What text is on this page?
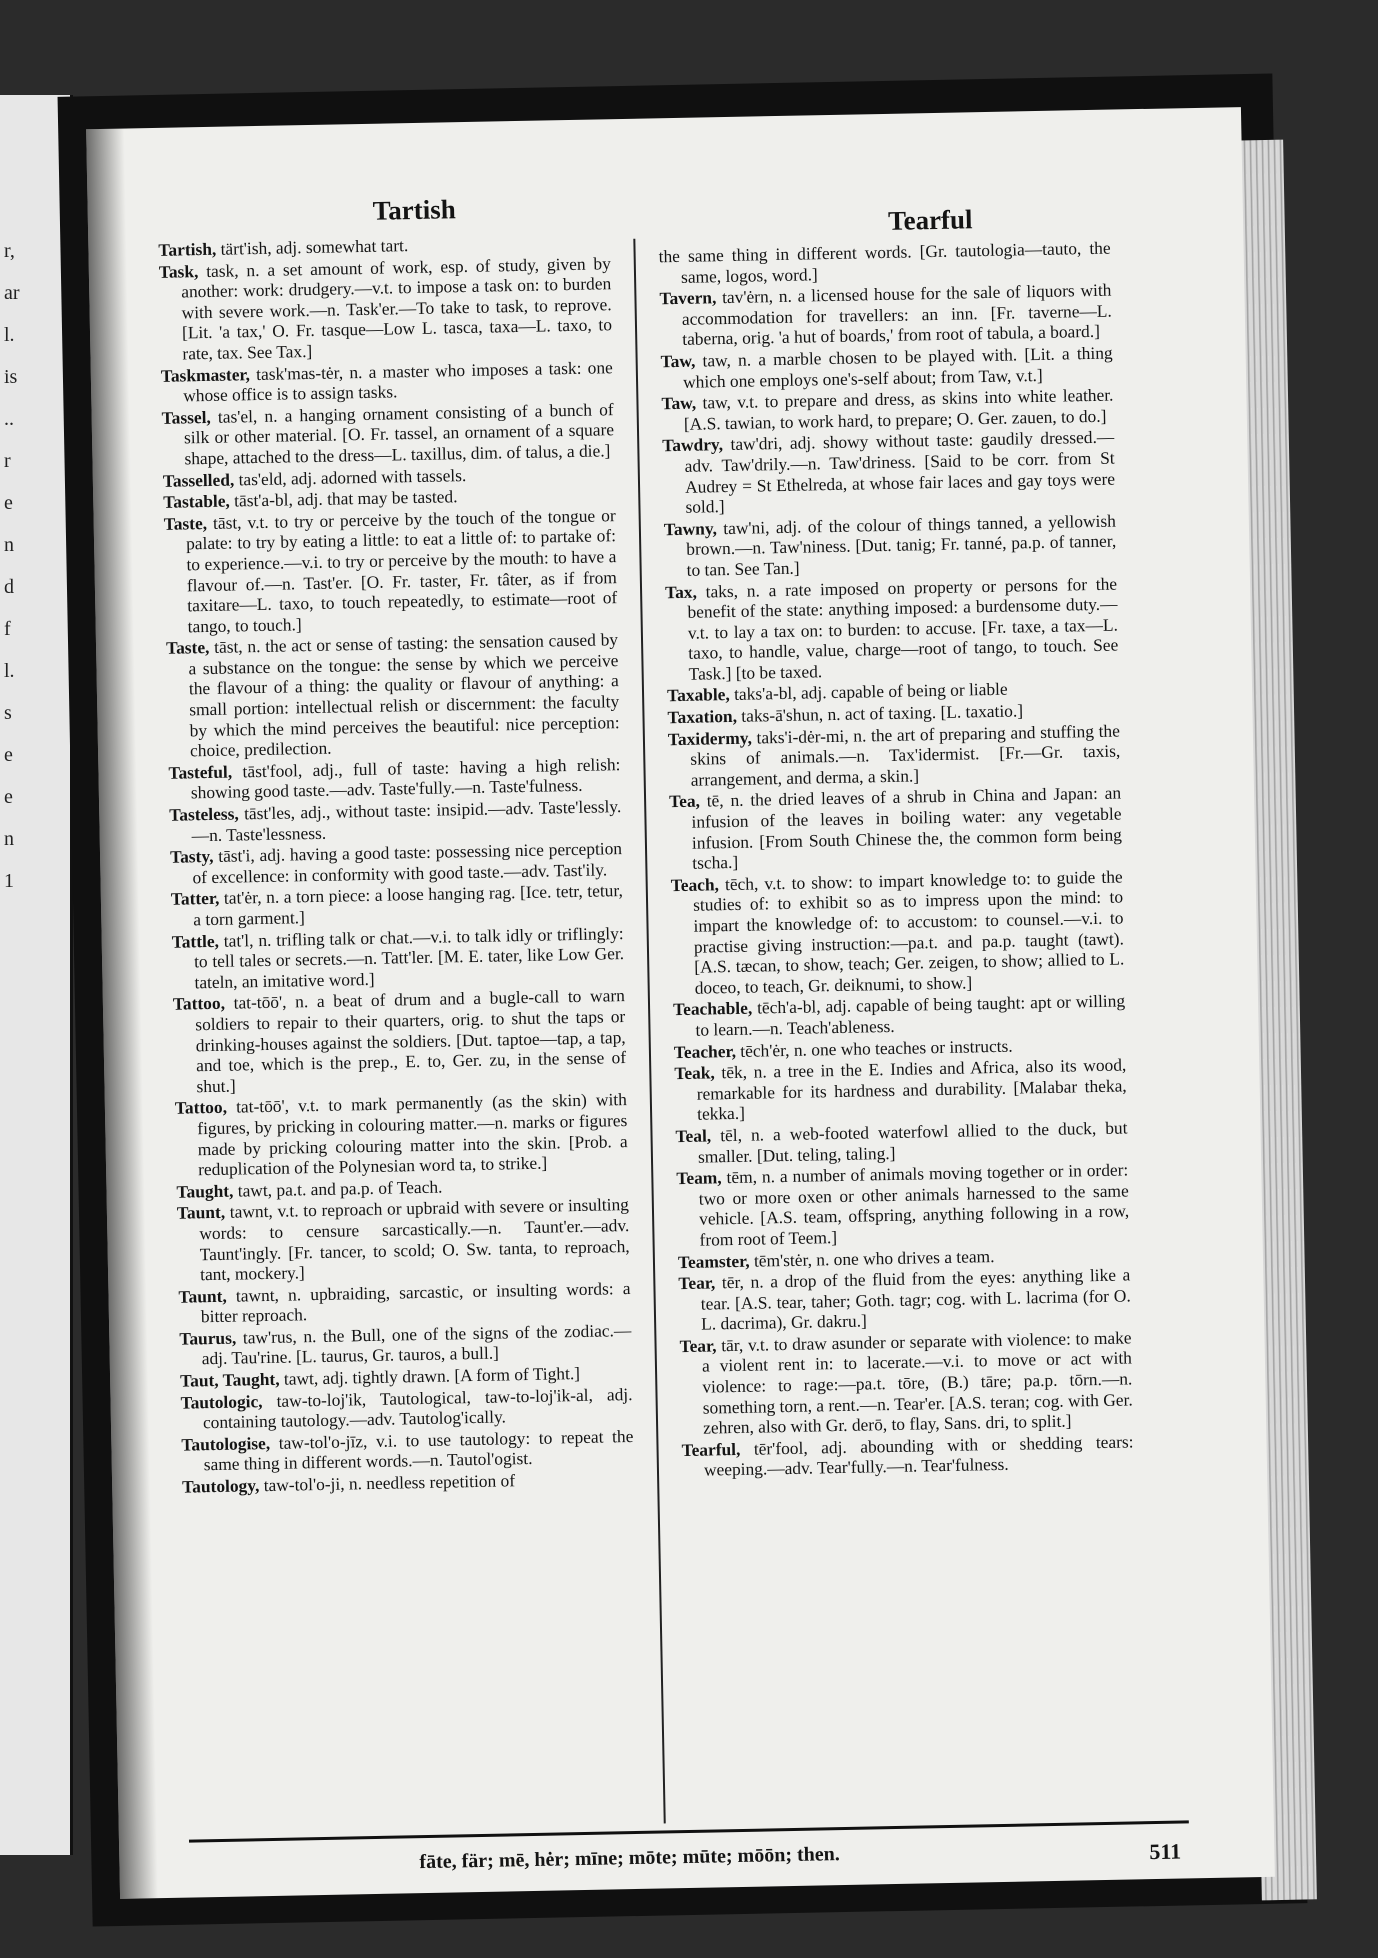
r,
ar
l.
is
..
r
e
n
d
f
l.
s
e
e
n
1
Tartish	Tearful
Tartish, tärt'ish, adj. somewhat tart.
Task, task, n. a set amount of work, esp. of study, given by another: work: drudgery.—v.t. to impose a task on: to burden with severe work.—n. Task'er.—To take to task, to reprove. [Lit. 'a tax,' O. Fr. tasque—Low L. tasca, taxa—L. taxo, to rate, tax. See Tax.]
Taskmaster, task'mas-tėr, n. a master who imposes a task: one whose office is to assign tasks.
Tassel, tas'el, n. a hanging ornament consisting of a bunch of silk or other material. [O. Fr. tassel, an ornament of a square shape, attached to the dress—L. taxillus, dim. of talus, a die.]
Tasselled, tas'eld, adj. adorned with tassels.
Tastable, tāst'a-bl, adj. that may be tasted.
Taste, tāst, v.t. to try or perceive by the touch of the tongue or palate: to try by eating a little: to eat a little of: to partake of: to experience.—v.i. to try or perceive by the mouth: to have a flavour of.—n. Tast'er. [O. Fr. taster, Fr. tâter, as if from taxitare—L. taxo, to touch repeatedly, to estimate—root of tango, to touch.]
Taste, tāst, n. the act or sense of tasting: the sensation caused by a substance on the tongue: the sense by which we perceive the flavour of a thing: the quality or flavour of anything: a small portion: intellectual relish or discernment: the faculty by which the mind perceives the beautiful: nice perception: choice, predilection.
Tasteful, tāst'fool, adj., full of taste: having a high relish: showing good taste.—adv. Taste'fully.—n. Taste'fulness.
Tasteless, tāst'les, adj., without taste: insipid.—adv. Taste'lessly.—n. Taste'lessness.
Tasty, tāst'i, adj. having a good taste: possessing nice perception of excellence: in conformity with good taste.—adv. Tast'ily.
Tatter, tat'ėr, n. a torn piece: a loose hanging rag. [Ice. tetr, tetur, a torn garment.]
Tattle, tat'l, n. trifling talk or chat.—v.i. to talk idly or triflingly: to tell tales or secrets.—n. Tatt'ler. [M. E. tater, like Low Ger. tateln, an imitative word.]
Tattoo, tat-tōō', n. a beat of drum and a bugle-call to warn soldiers to repair to their quarters, orig. to shut the taps or drinking-houses against the soldiers. [Dut. taptoe—tap, a tap, and toe, which is the prep., E. to, Ger. zu, in the sense of shut.]
Tattoo, tat-tōō', v.t. to mark permanently (as the skin) with figures, by pricking in colouring matter.—n. marks or figures made by pricking colouring matter into the skin. [Prob. a reduplication of the Polynesian word ta, to strike.]
Taught, tawt, pa.t. and pa.p. of Teach.
Taunt, tawnt, v.t. to reproach or upbraid with severe or insulting words: to censure sarcastically.—n. Taunt'er.—adv. Taunt'ingly. [Fr. tancer, to scold; O. Sw. tanta, to reproach, tant, mockery.]
Taunt, tawnt, n. upbraiding, sarcastic, or insulting words: a bitter reproach.
Taurus, taw'rus, n. the Bull, one of the signs of the zodiac.—adj. Tau'rine. [L. taurus, Gr. tauros, a bull.]
Taut, Taught, tawt, adj. tightly drawn. [A form of Tight.]
Tautologic, taw-to-loj'ik, Tautological, taw-to-loj'ik-al, adj. containing tautology.—adv. Tautolog'ically.
Tautologise, taw-tol'o-jīz, v.i. to use tautology: to repeat the same thing in different words.—n. Tautol'ogist.
Tautology, taw-tol'o-ji, n. needless repetition of
the same thing in different words. [Gr. tautologia—tauto, the same, logos, word.]
Tavern, tav'ėrn, n. a licensed house for the sale of liquors with accommodation for travellers: an inn. [Fr. taverne—L. taberna, orig. 'a hut of boards,' from root of tabula, a board.]
Taw, taw, n. a marble chosen to be played with. [Lit. a thing which one employs one's-self about; from Taw, v.t.]
Taw, taw, v.t. to prepare and dress, as skins into white leather. [A.S. tawian, to work hard, to prepare; O. Ger. zauen, to do.]
Tawdry, taw'dri, adj. showy without taste: gaudily dressed.—adv. Taw'drily.—n. Taw'driness. [Said to be corr. from St Audrey = St Ethelreda, at whose fair laces and gay toys were sold.]
Tawny, taw'ni, adj. of the colour of things tanned, a yellowish brown.—n. Taw'niness. [Dut. tanig; Fr. tanné, pa.p. of tanner, to tan. See Tan.]
Tax, taks, n. a rate imposed on property or persons for the benefit of the state: anything imposed: a burdensome duty.—v.t. to lay a tax on: to burden: to accuse. [Fr. taxe, a tax—L. taxo, to handle, value, charge—root of tango, to touch. See Task.] [to be taxed.
Taxable, taks'a-bl, adj. capable of being or liable
Taxation, taks-ā'shun, n. act of taxing. [L. taxatio.]
Taxidermy, taks'i-dėr-mi, n. the art of preparing and stuffing the skins of animals.—n. Tax'idermist. [Fr.—Gr. taxis, arrangement, and derma, a skin.]
Tea, tē, n. the dried leaves of a shrub in China and Japan: an infusion of the leaves in boiling water: any vegetable infusion. [From South Chinese the, the common form being tscha.]
Teach, tēch, v.t. to show: to impart knowledge to: to guide the studies of: to exhibit so as to impress upon the mind: to impart the knowledge of: to accustom: to counsel.—v.i. to practise giving instruction:—pa.t. and pa.p. taught (tawt). [A.S. tæcan, to show, teach; Ger. zeigen, to show; allied to L. doceo, to teach, Gr. deiknumi, to show.]
Teachable, tēch'a-bl, adj. capable of being taught: apt or willing to learn.—n. Teach'ableness.
Teacher, tēch'ėr, n. one who teaches or instructs.
Teak, tēk, n. a tree in the E. Indies and Africa, also its wood, remarkable for its hardness and durability. [Malabar theka, tekka.]
Teal, tēl, n. a web-footed waterfowl allied to the duck, but smaller. [Dut. teling, taling.]
Team, tēm, n. a number of animals moving together or in order: two or more oxen or other animals harnessed to the same vehicle. [A.S. team, offspring, anything following in a row, from root of Teem.]
Teamster, tēm'stėr, n. one who drives a team.
Tear, tēr, n. a drop of the fluid from the eyes: anything like a tear. [A.S. tear, taher; Goth. tagr; cog. with L. lacrima (for O. L. dacrima), Gr. dakru.]
Tear, tār, v.t. to draw asunder or separate with violence: to make a violent rent in: to lacerate.—v.i. to move or act with violence: to rage:—pa.t. tōre, (B.) tāre; pa.p. tōrn.—n. something torn, a rent.—n. Tear'er. [A.S. teran; cog. with Ger. zehren, also with Gr. derō, to flay, Sans. dri, to split.]
Tearful, tēr'fool, adj. abounding with or shedding tears: weeping.—adv. Tear'fully.—n. Tear'fulness.
fāte, fär; mē, hėr; mīne; mōte; mūte; mōōn; then.	511
